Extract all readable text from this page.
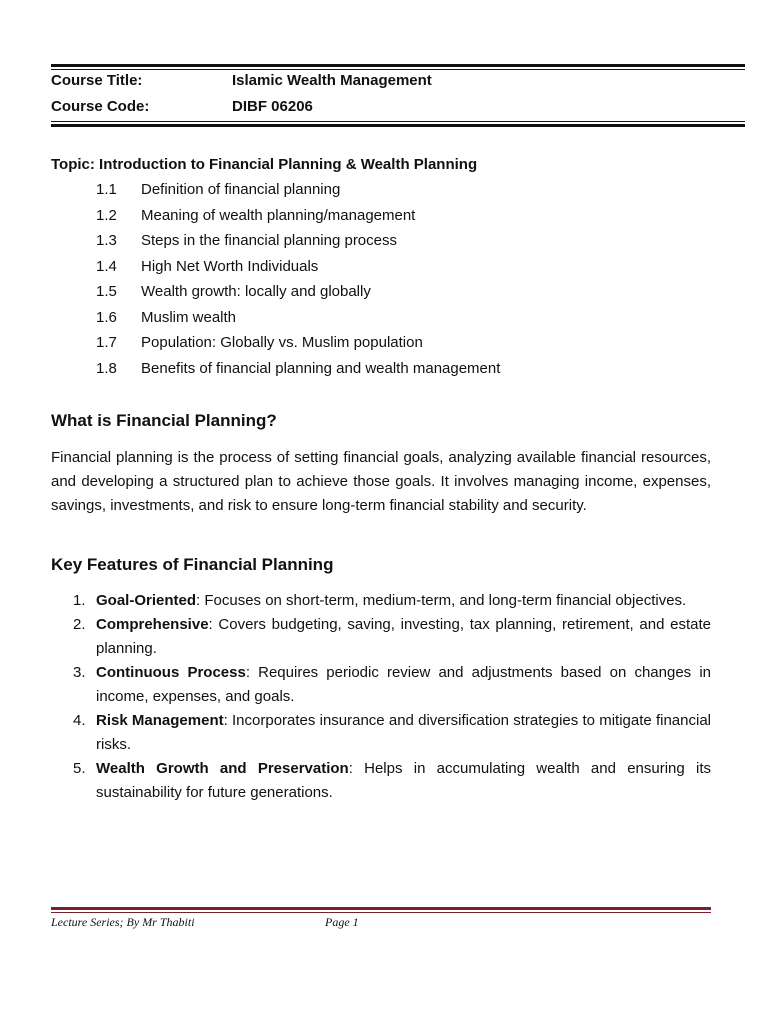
Course Title:	Islamic Wealth Management
Course Code:	DIBF 06206
Topic: Introduction to Financial Planning & Wealth Planning
1.1 Definition of financial planning
1.2 Meaning of wealth planning/management
1.3 Steps in the financial planning process
1.4 High Net Worth Individuals
1.5 Wealth growth: locally and globally
1.6 Muslim wealth
1.7 Population: Globally vs. Muslim population
1.8 Benefits of financial planning and wealth management
What is Financial Planning?

Financial planning is the process of setting financial goals, analyzing available financial resources, and developing a structured plan to achieve those goals. It involves managing income, expenses, savings, investments, and risk to ensure long-term financial stability and security.

Key Features of Financial Planning
1. Goal-Oriented: Focuses on short-term, medium-term, and long-term financial objectives.
2. Comprehensive: Covers budgeting, saving, investing, tax planning, retirement, and estate planning.
3. Continuous Process: Requires periodic review and adjustments based on changes in income, expenses, and goals.
4. Risk Management: Incorporates insurance and diversification strategies to mitigate financial risks.
5. Wealth Growth and Preservation: Helps in accumulating wealth and ensuring its sustainability for future generations.
Lecture Series; By Mr Thabiti	Page 1
